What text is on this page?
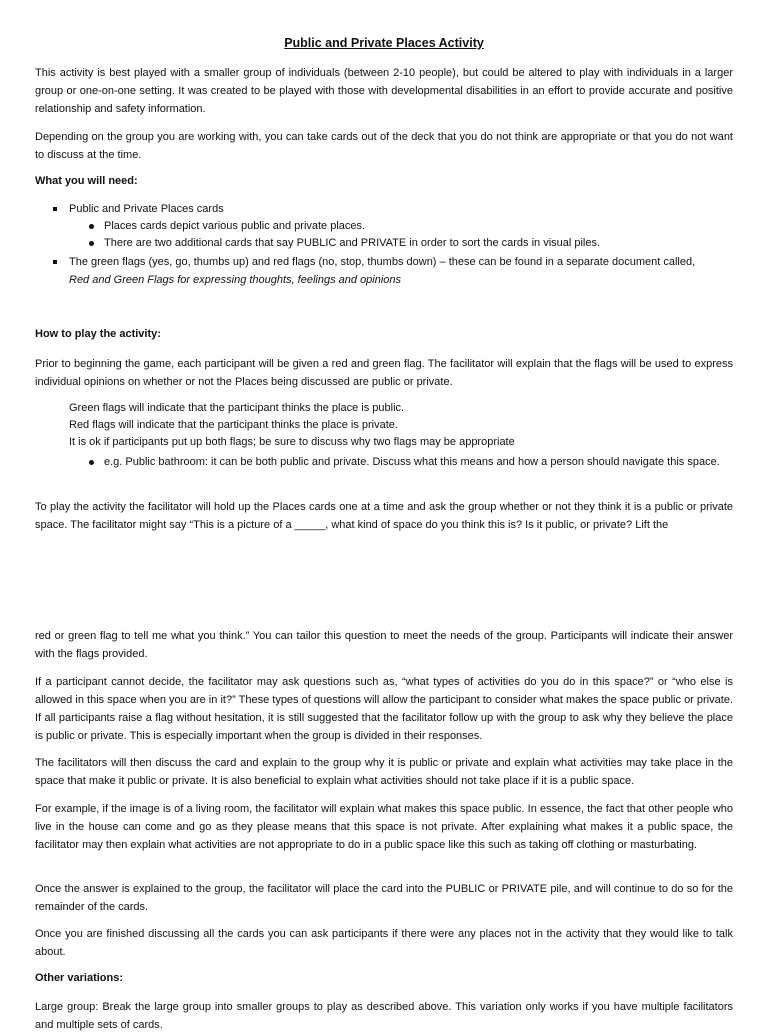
Public and Private Places Activity

This activity is best played with a smaller group of individuals (between 2-10 people), but could be altered to play with individuals in a larger group or one-on-one setting. It was created to be played with those with developmental disabilities in an effort to provide accurate and positive relationship and safety information.

Depending on the group you are working with, you can take cards out of the deck that you do not think are appropriate or that you do not want to discuss at the time.

What you will need:

Public and Private Places cards

Places cards depict various public and private places.

There are two additional cards that say PUBLIC and PRIVATE in order to sort the cards in visual piles.

The green flags (yes, go, thumbs up) and red flags (no, stop, thumbs down) – these can be found in a separate document called,

Red and Green Flags for expressing thoughts, feelings and opinions

How to play the activity:

Prior to beginning the game, each participant will be given a red and green flag. The facilitator will explain that the flags will be used to express individual opinions on whether or not the Places being discussed are public or private.

Green flags will indicate that the participant thinks the place is public.

Red flags will indicate that the participant thinks the place is private.

It is ok if participants put up both flags; be sure to discuss why two flags may be appropriate

e.g. Public bathroom: it can be both public and private. Discuss what this means and how a person should navigate this space.

To play the activity the facilitator will hold up the Places cards one at a time and ask the group whether or not they think it is a public or private space. The facilitator might say “This is a picture of a _____, what kind of space do you think this is? Is it public, or private? Lift the

red or green flag to tell me what you think.” You can tailor this question to meet the needs of the group. Participants will indicate their answer with the flags provided.

If a participant cannot decide, the facilitator may ask questions such as, “what types of activities do you do in this space?” or “who else is allowed in this space when you are in it?” These types of questions will allow the participant to consider what makes the space public or private. If all participants raise a flag without hesitation, it is still suggested that the facilitator follow up with the group to ask why they believe the place is public or private. This is especially important when the group is divided in their responses.

The facilitators will then discuss the card and explain to the group why it is public or private and explain what activities may take place in the space that make it public or private. It is also beneficial to explain what activities should not take place if it is a public space.

For example, if the image is of a living room, the facilitator will explain what makes this space public. In essence, the fact that other people who live in the house can come and go as they please means that this space is not private. After explaining what makes it a public space, the facilitator may then explain what activities are not appropriate to do in a public space like this such as taking off clothing or masturbating.

Once the answer is explained to the group, the facilitator will place the card into the PUBLIC or PRIVATE pile, and will continue to do so for the remainder of the cards.

Once you are finished discussing all the cards you can ask participants if there were any places not in the activity that they would like to talk about.

Other variations:

Large group: Break the large group into smaller groups to play as described above. This variation only works if you have multiple facilitators and multiple sets of cards.
